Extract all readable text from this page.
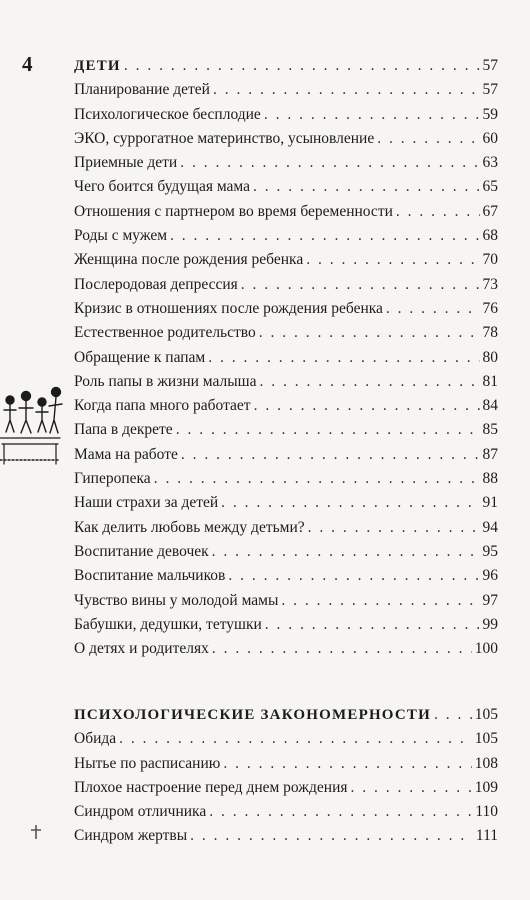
4	ДЕТИ . . .	57
Планирование детей . . .	57
Психологическое бесплодие . . .	59
ЭКО, суррогатное материнство, усыновление . . .	60
Приемные дети . . .	63
Чего боится будущая мама . . .	65
Отношения с партнером во время беременности . . .	67
Роды с мужем . . .	68
Женщина после рождения ребенка . . .	70
Послеродовая депрессия . . .	73
Кризис в отношениях после рождения ребенка . . .	76
Естественное родительство . . .	78
Обращение к папам . . .	80
Роль папы в жизни малыша . . .	81
Когда папа много работает . . .	84
Папа в декрете . . .	85
Мама на работе . . .	87
Гиперопека . . .	88
Наши страхи за детей . . .	91
Как делить любовь между детьми? . . .	94
Воспитание девочек . . .	95
Воспитание мальчиков . . .	96
Чувство вины у молодой мамы . . .	97
Бабушки, дедушки, тетушки . . .	99
О детях и родителях . . .	100
ПСИХОЛОГИЧЕСКИЕ ЗАКОНОМЕРНОСТИ . . .	105
Обида . . .	105
Нытье по расписанию . . .	108
Плохое настроение перед днем рождения . . .	109
Синдром отличника . . .	110
Синдром жертвы . . .	111
